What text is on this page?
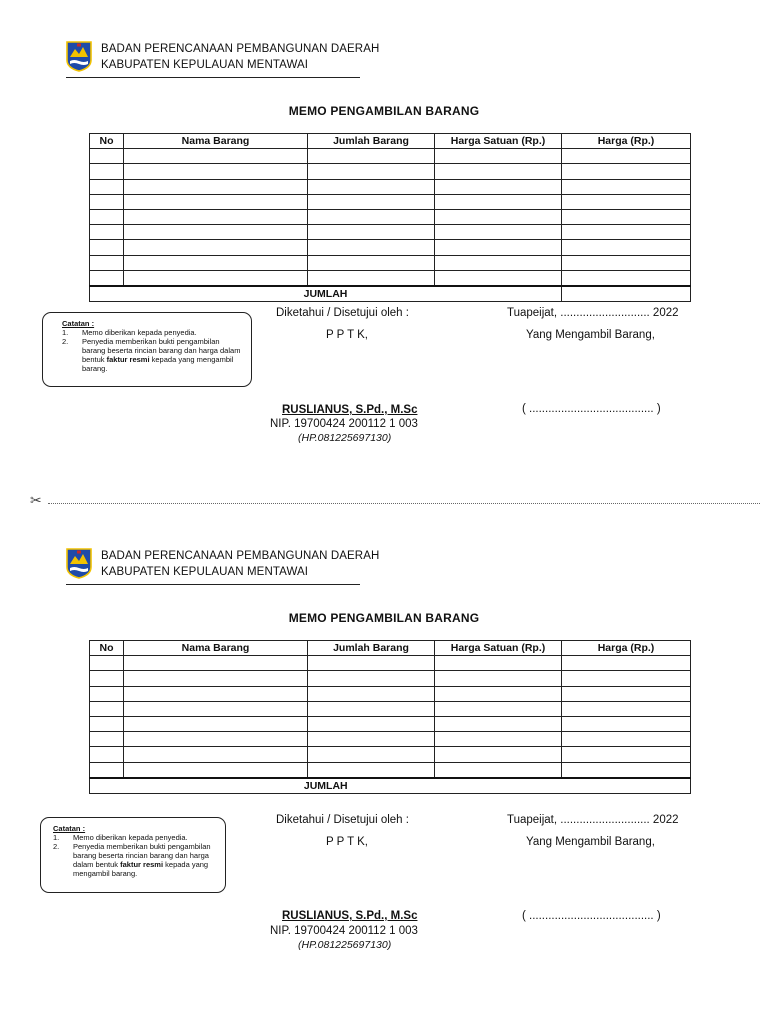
BADAN PERENCANAAN PEMBANGUNAN DAERAH
KABUPATEN KEPULAUAN MENTAWAI
MEMO PENGAMBILAN BARANG
No	Nama Barang	Jumlah Barang	Harga Satuan (Rp.)	Harga (Rp.)

JUMLAH				
Catatan :
1. Memo diberikan kepada penyedia.
2. Penyedia memberikan bukti pengambilan barang beserta rincian barang dan harga dalam bentuk faktur resmi kepada yang mengambil barang.
Diketahui / Disetujui oleh :
P P T K,
RUSLIANUS, S.Pd., M.Sc
NIP. 19700424 200112 1 003
(HP.081225697130)
Tuapeijat, ............................ 2022
Yang Mengambil Barang,
( ....................................... )
✂
BADAN PERENCANAAN PEMBANGUNAN DAERAH
KABUPATEN KEPULAUAN MENTAWAI
MEMO PENGAMBILAN BARANG
No	Nama Barang	Jumlah Barang	Harga Satuan (Rp.)	Harga (Rp.)

JUMLAH				
Catatan :
1. Memo diberikan kepada penyedia.
2. Penyedia memberikan bukti pengambilan barang beserta rincian barang dan harga dalam bentuk faktur resmi kepada yang mengambil barang.
Diketahui / Disetujui oleh :
P P T K,
RUSLIANUS, S.Pd., M.Sc
NIP. 19700424 200112 1 003
(HP.081225697130)
Tuapeijat, ............................ 2022
Yang Mengambil Barang,
( ....................................... )
